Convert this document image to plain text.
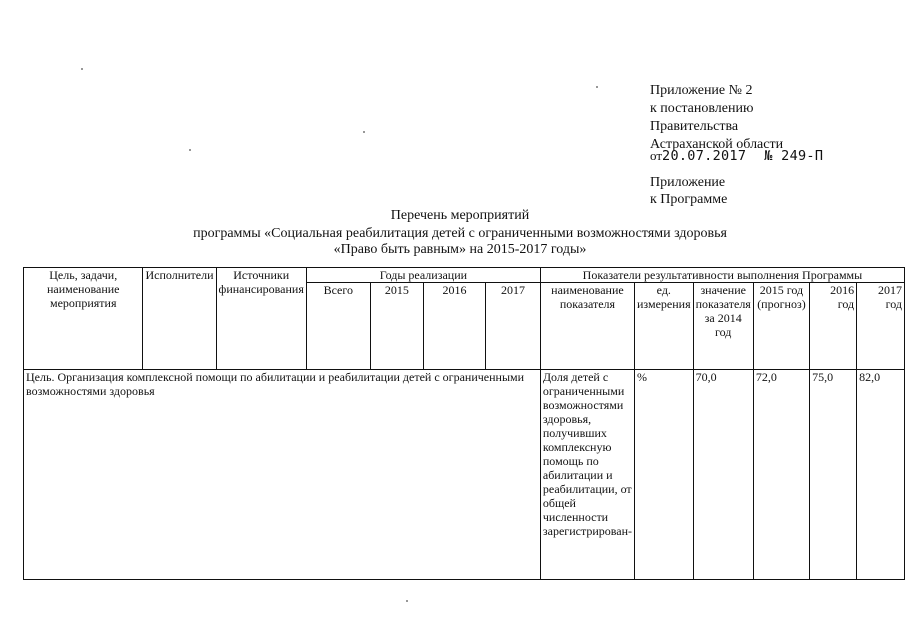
Приложение № 2
к постановлению
Правительства
Астраханской области
от20.07.2017 № 249-П
Приложение
к Программе
Перечень мероприятий
программы «Социальная реабилитация детей с ограниченными возможностями здоровья
«Право быть равным» на 2015-2017 годы»
Цель, задачи, наименование мероприятия	Исполнители	Источники финансирования	Годы реализации				Показатели результативности выполнения Программы					
			Всего	2015	2016	2017	наименование показателя	ед. измерения	значение показателя за 2014 год	2015 год (прогноз)	2016 год	2017 год
Цель. Организация комплексной помощи по абилитации и реабилитации детей с ограниченными возможностями здоровья							Доля детей с ограниченными возможностями здоровья, получивших комплексную помощь по абилитации и реабилитации, от общей численности зарегистрирован-	%	70,0	72,0	75,0	82,0
